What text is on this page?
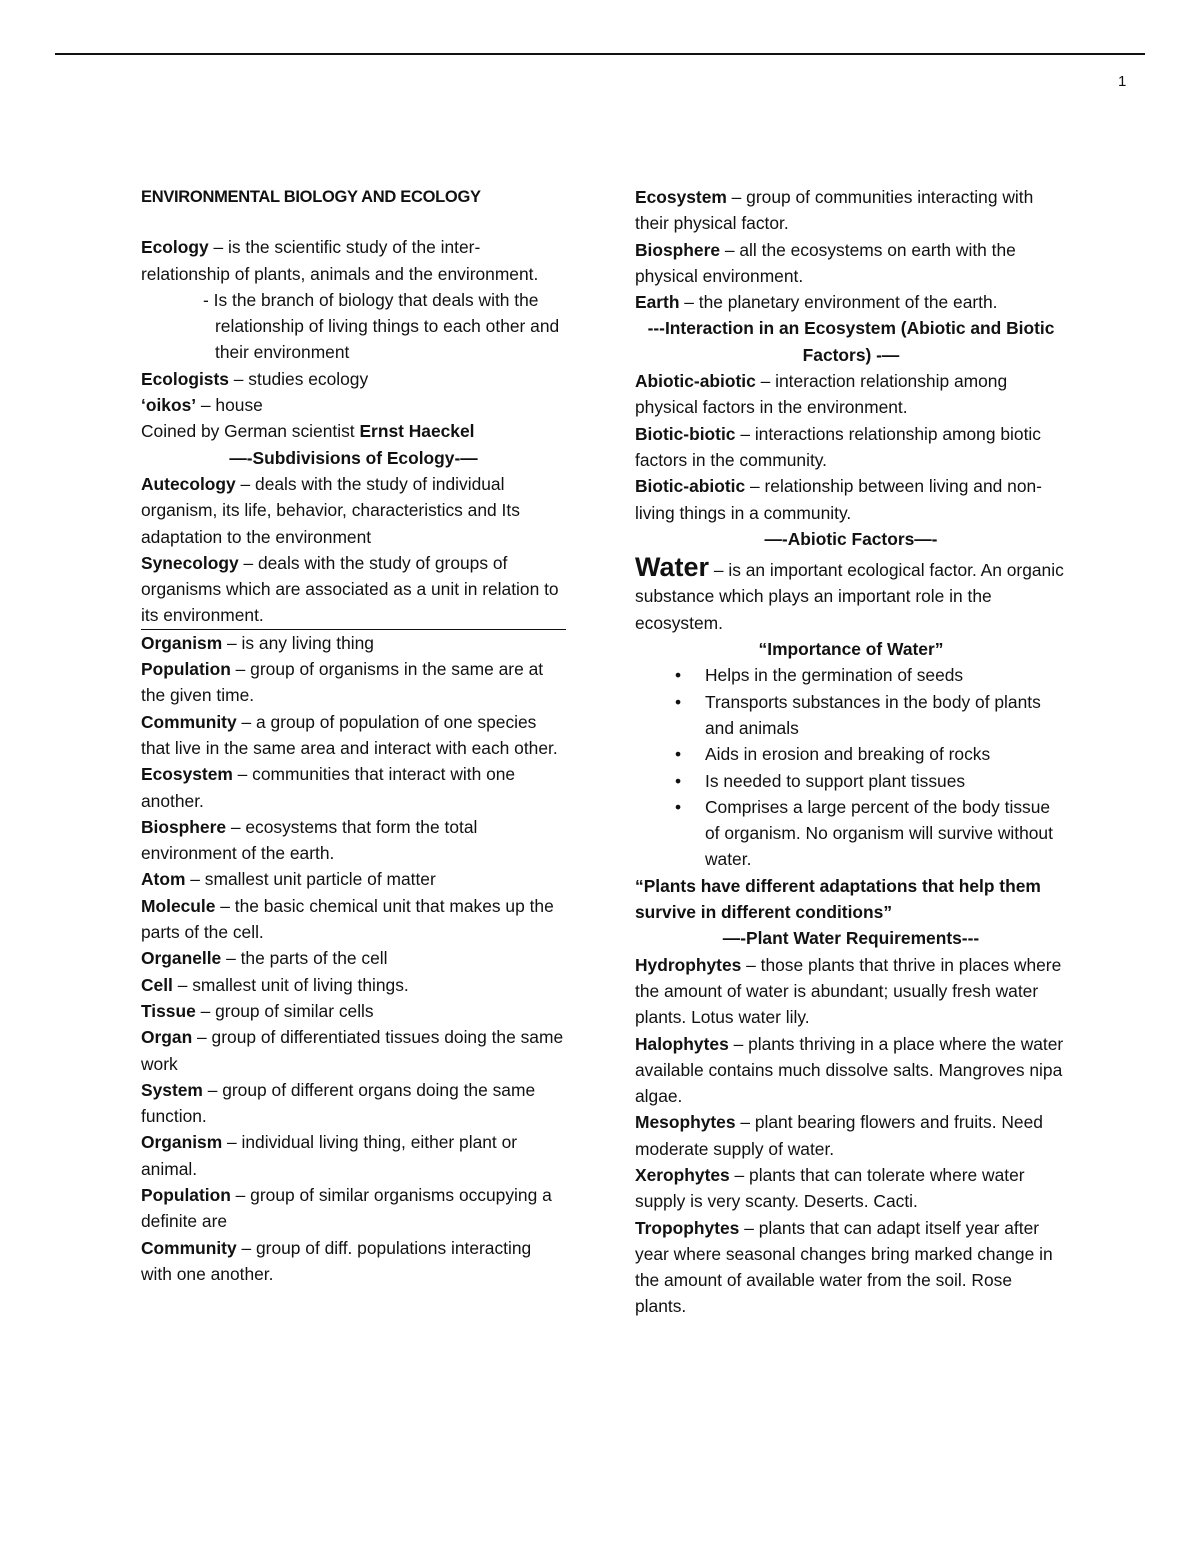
1

ENVIRONMENTAL BIOLOGY AND ECOLOGY

Ecology – is the scientific study of the inter-relationship of plants, animals and the environment.

- Is the branch of biology that deals with the relationship of living things to each other and their environment

Ecologists – studies ecology

‘oikos’ – house

Coined by German scientist Ernst Haeckel

—-Subdivisions of Ecology-—

Autecology – deals with the study of individual organism, its life, behavior, characteristics and Its adaptation to the environment

Synecology – deals with the study of groups of organisms which are associated as a unit in relation to its environment.

Organism – is any living thing

Population – group of organisms in the same are at the given time.

Community – a group of population of one species that live in the same area and interact with each other.

Ecosystem – communities that interact with one another.

Biosphere – ecosystems that form the total environment of the earth.

Atom – smallest unit particle of matter

Molecule – the basic chemical unit that makes up the parts of the cell.

Organelle – the parts of the cell

Cell – smallest unit of living things.

Tissue – group of similar cells

Organ – group of differentiated tissues doing the same work

System – group of different organs doing the same function.

Organism – individual living thing, either plant or animal.

Population – group of similar organisms occupying a definite are

Community – group of diff. populations interacting with one another.

Ecosystem – group of communities interacting with their physical factor.

Biosphere – all the ecosystems on earth with the physical environment.

Earth – the planetary environment of the earth.

---Interaction in an Ecosystem (Abiotic and Biotic Factors) -—

Abiotic-abiotic – interaction relationship among physical factors in the environment.

Biotic-biotic – interactions relationship among biotic factors in the community.

Biotic-abiotic – relationship between living and non-living things in a community.

—-Abiotic Factors—-

Water – is an important ecological factor. An organic substance which plays an important role in the ecosystem.

“Importance of Water”

• Helps in the germination of seeds
• Transports substances in the body of plants and animals
• Aids in erosion and breaking of rocks
• Is needed to support plant tissues
• Comprises a large percent of the body tissue of organism. No organism will survive without water.

“Plants have different adaptations that help them survive in different conditions”

—-Plant Water Requirements---

Hydrophytes – those plants that thrive in places where the amount of water is abundant; usually fresh water plants. Lotus water lily.

Halophytes – plants thriving in a place where the water available contains much dissolve salts. Mangroves nipa algae.

Mesophytes – plant bearing flowers and fruits. Need moderate supply of water.

Xerophytes – plants that can tolerate where water supply is very scanty. Deserts. Cacti.

Tropophytes – plants that can adapt itself year after year where seasonal changes bring marked change in the amount of available water from the soil. Rose plants.
